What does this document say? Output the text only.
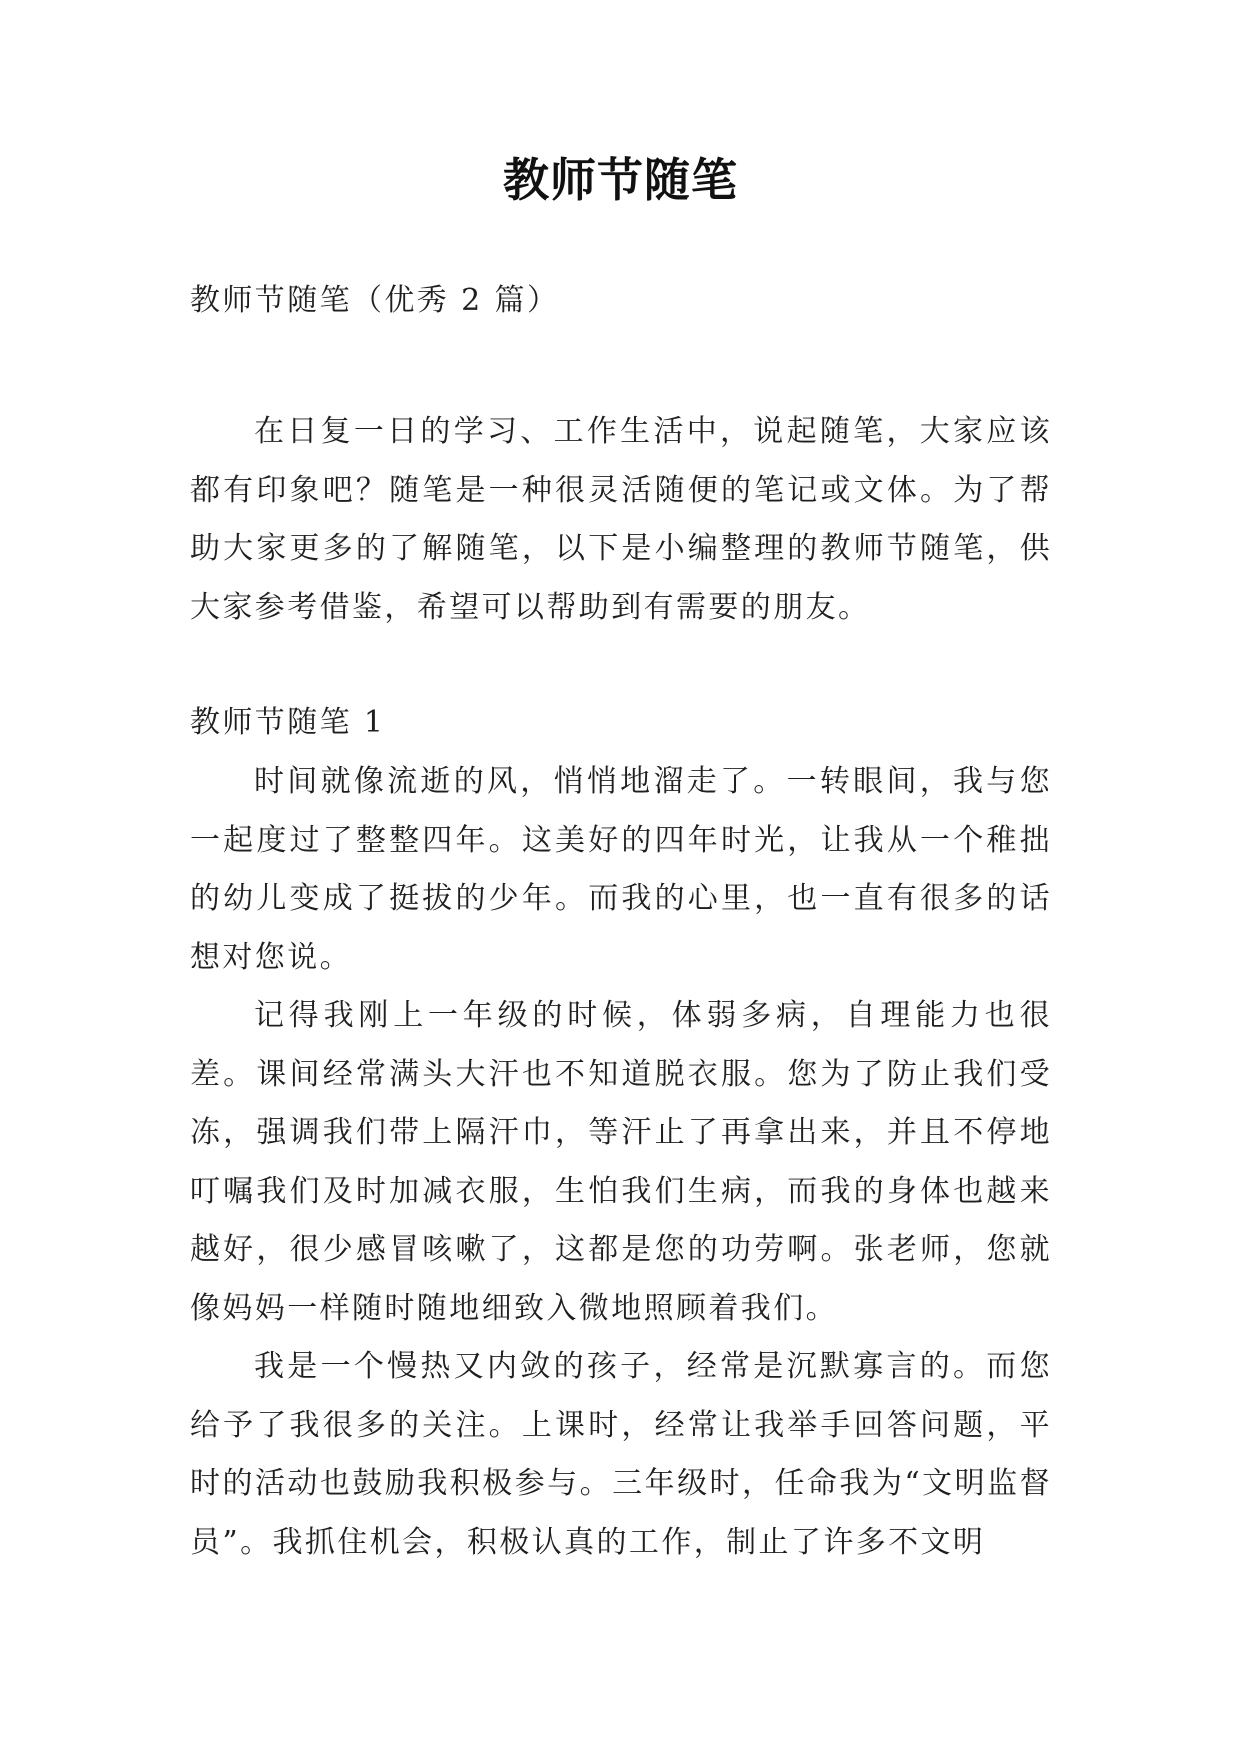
教师节随笔
教师节随笔（优秀 2 篇）
在日复一日的学习、工作生活中，说起随笔，大家应该都有印象吧？随笔是一种很灵活随便的笔记或文体。为了帮助大家更多的了解随笔，以下是小编整理的教师节随笔，供大家参考借鉴，希望可以帮助到有需要的朋友。
教师节随笔 1

时间就像流逝的风，悄悄地溜走了。一转眼间，我与您一起度过了整整四年。这美好的四年时光，让我从一个稚拙的幼儿变成了挺拔的少年。而我的心里，也一直有很多的话想对您说。

记得我刚上一年级的时候，体弱多病，自理能力也很差。课间经常满头大汗也不知道脱衣服。您为了防止我们受冻，强调我们带上隔汗巾，等汗止了再拿出来，并且不停地叮嘱我们及时加减衣服，生怕我们生病，而我的身体也越来越好，很少感冒咳嗽了，这都是您的功劳啊。张老师，您就像妈妈一样随时随地细致入微地照顾着我们。

我是一个慢热又内敛的孩子，经常是沉默寡言的。而您给予了我很多的关注。上课时，经常让我举手回答问题，平时的活动也鼓励我积极参与。三年级时，任命我为“文明监督员”。我抓住机会，积极认真的工作，制止了许多不文明
